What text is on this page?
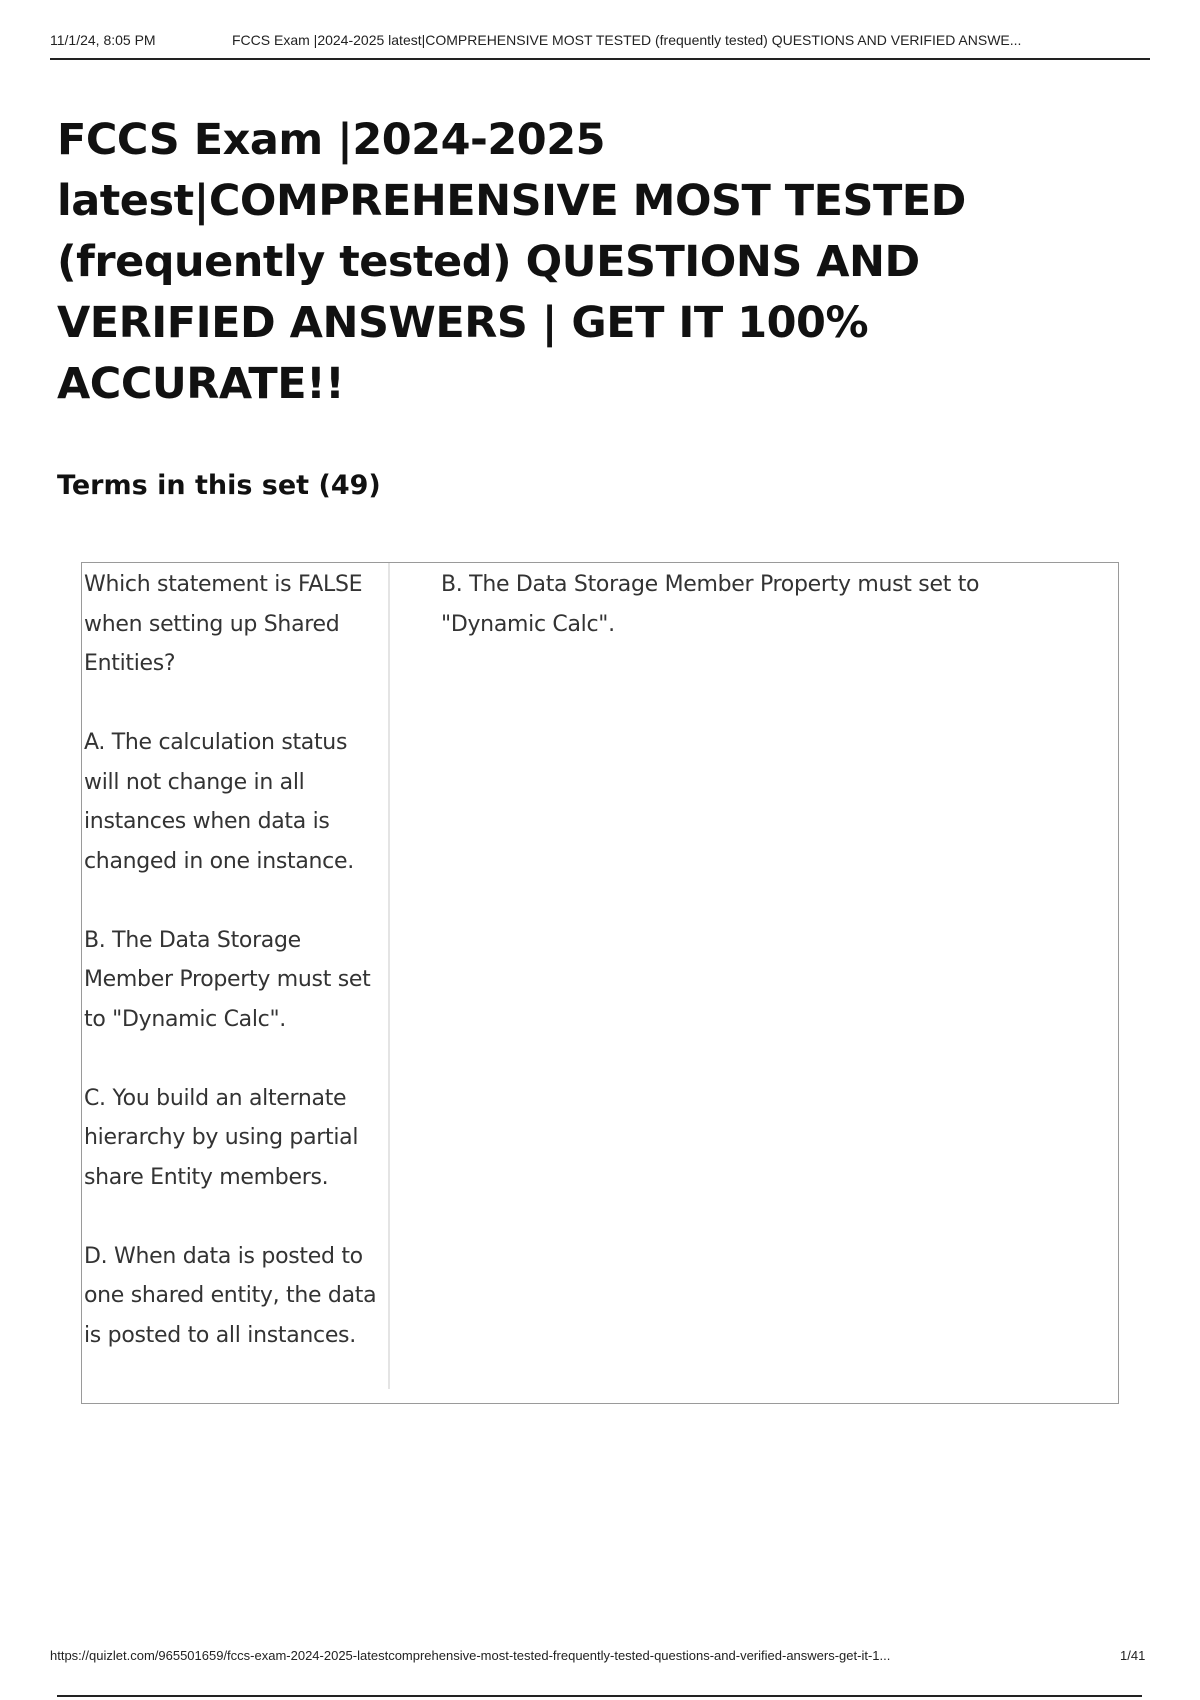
11/1/24, 8:05 PM	FCCS Exam |2024-2025 latest|COMPREHENSIVE MOST TESTED (frequently tested) QUESTIONS AND VERIFIED ANSWE...
FCCS Exam |2024-2025 latest|COMPREHENSIVE MOST TESTED (frequently tested) QUESTIONS AND VERIFIED ANSWERS | GET IT 100% ACCURATE!!
Terms in this set (49)

Which statement is FALSE when setting up Shared Entities?

A. The calculation status will not change in all instances when data is changed in one instance.

B. The Data Storage Member Property must set to "Dynamic Calc".

C. You build an alternate hierarchy by using partial share Entity members.

D. When data is posted to one shared entity, the data is posted to all instances.

B. The Data Storage Member Property must set to "Dynamic Calc".

https://quizlet.com/965501659/fccs-exam-2024-2025-latestcomprehensive-most-tested-frequently-tested-questions-and-verified-answers-get-it-1...	1/41
